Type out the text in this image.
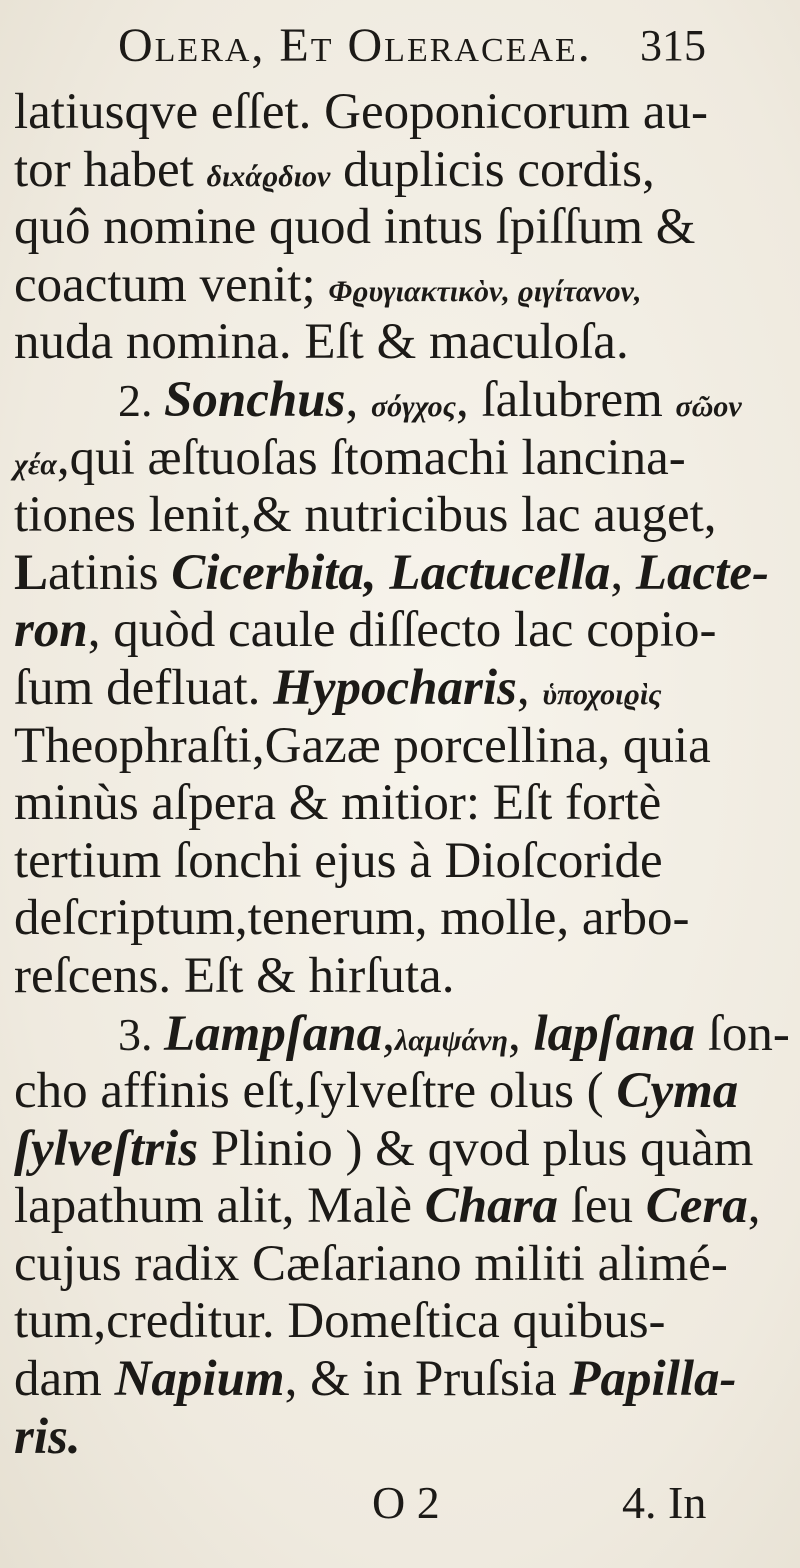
Olera, Et Oleraceae. 315
latiusqve eſſet. Geoponicorum au-
tor habet διxάϱδιον duplicis cordis,
quô nomine quod intus ſpiſſum &
coactum venit; Φϱυγιακτικὸν, ϱιγίτανον,
nuda nomina. Eſt & maculoſa.
2. Sonchus, σόγχος, ſalubrem σῶον
χέα,qui æſtuoſas ſtomachi lancina-
tiones lenit,& nutricibus lac auget,
Latinis Cicerbita, Lactucella, Lacte-
ron, quòd caule diſſecto lac copio-
ſum defluat. Hypocharis, ὑποχοιϱὶς
Theophraſti,Gazæ porcellina, quia
minùs aſpera & mitior: Eſt fortè
tertium ſonchi ejus à Dioſcoride
deſcriptum,tenerum, molle, arbo-
reſcens. Eſt & hirſuta.
3. Lampſana,λαμψάνη, lapſana ſon-
cho affinis eſt,ſylveſtre olus ( Cyma
ſylveſtris Plinio ) & qvod plus quàm
lapathum alit, Malè Chara ſeu Cera,
cujus radix Cæſariano militi alimé-
tum,creditur. Domeſtica quibus-
dam Napium, & in Pruſsia Papilla-
ris.
O 2	4. In
